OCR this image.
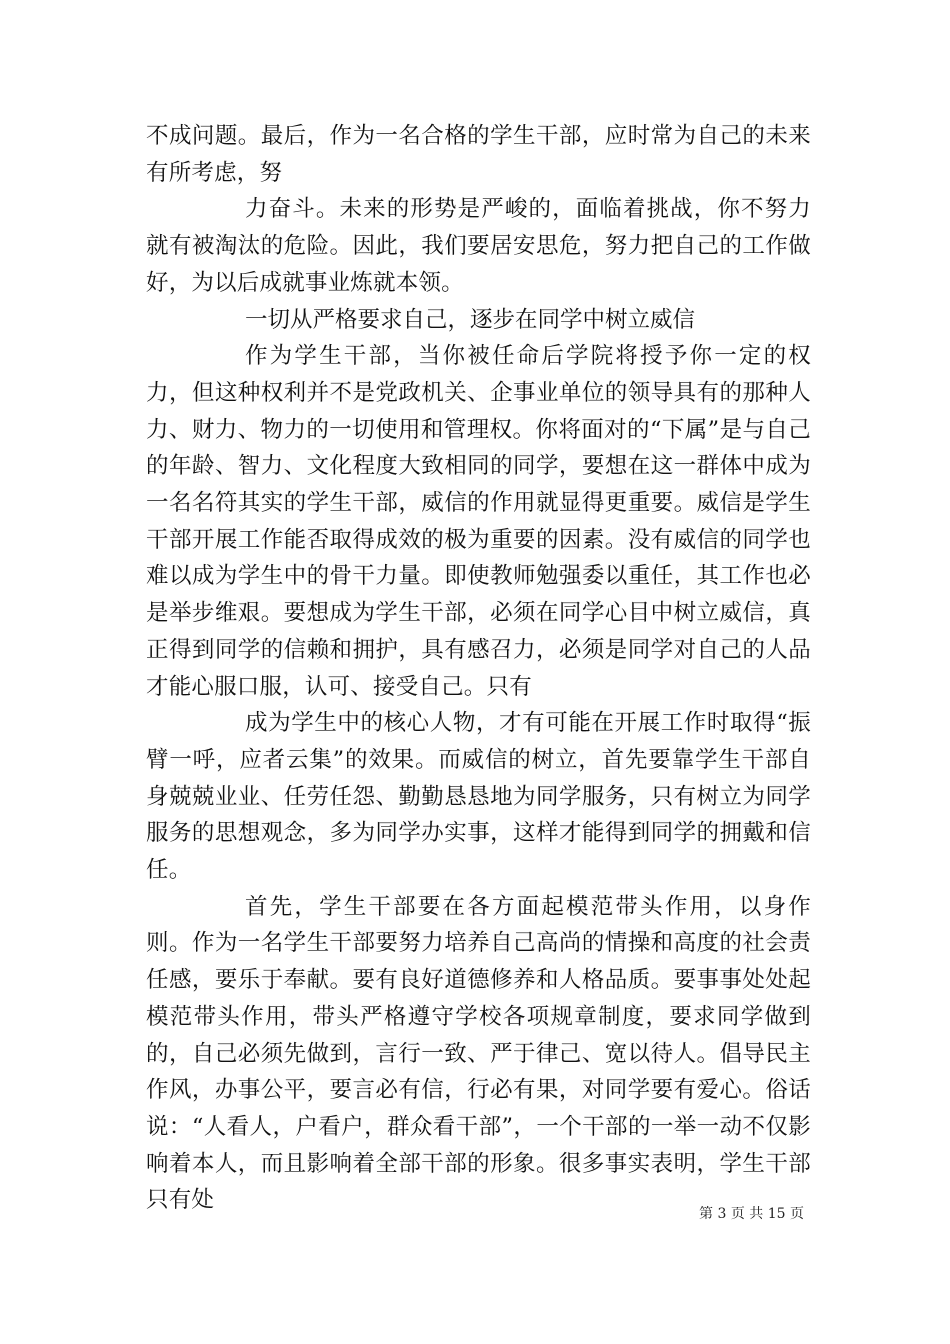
不成问题。最后，作为一名合格的学生干部，应时常为自己的未来有所考虑，努

力奋斗。未来的形势是严峻的，面临着挑战，你不努力就有被淘汰的危险。因此，我们要居安思危，努力把自己的工作做好，为以后成就事业炼就本领。

一切从严格要求自己，逐步在同学中树立威信

作为学生干部，当你被任命后学院将授予你一定的权力，但这种权利并不是党政机关、企事业单位的领导具有的那种人力、财力、物力的一切使用和管理权。你将面对的“下属”是与自己的年龄、智力、文化程度大致相同的同学，要想在这一群体中成为一名名符其实的学生干部，威信的作用就显得更重要。威信是学生干部开展工作能否取得成效的极为重要的因素。没有威信的同学也难以成为学生中的骨干力量。即使教师勉强委以重任，其工作也必是举步维艰。要想成为学生干部，必须在同学心目中树立威信，真正得到同学的信赖和拥护，具有感召力，必须是同学对自己的人品才能心服口服，认可、接受自己。只有

成为学生中的核心人物，才有可能在开展工作时取得“振臂一呼，应者云集”的效果。而威信的树立，首先要靠学生干部自身兢兢业业、任劳任怨、勤勤恳恳地为同学服务，只有树立为同学服务的思想观念，多为同学办实事，这样才能得到同学的拥戴和信任。

首先，学生干部要在各方面起模范带头作用，以身作则。作为一名学生干部要努力培养自己高尚的情操和高度的社会责任感，要乐于奉献。要有良好道德修养和人格品质。要事事处处起模范带头作用，带头严格遵守学校各项规章制度，要求同学做到的，自己必须先做到，言行一致、严于律己、宽以待人。倡导民主作风，办事公平，要言必有信，行必有果，对同学要有爱心。俗话说：“人看人，户看户，群众看干部”，一个干部的一举一动不仅影响着本人，而且影响着全部干部的形象。很多事实表明，学生干部只有处

第 3 页 共 15 页
